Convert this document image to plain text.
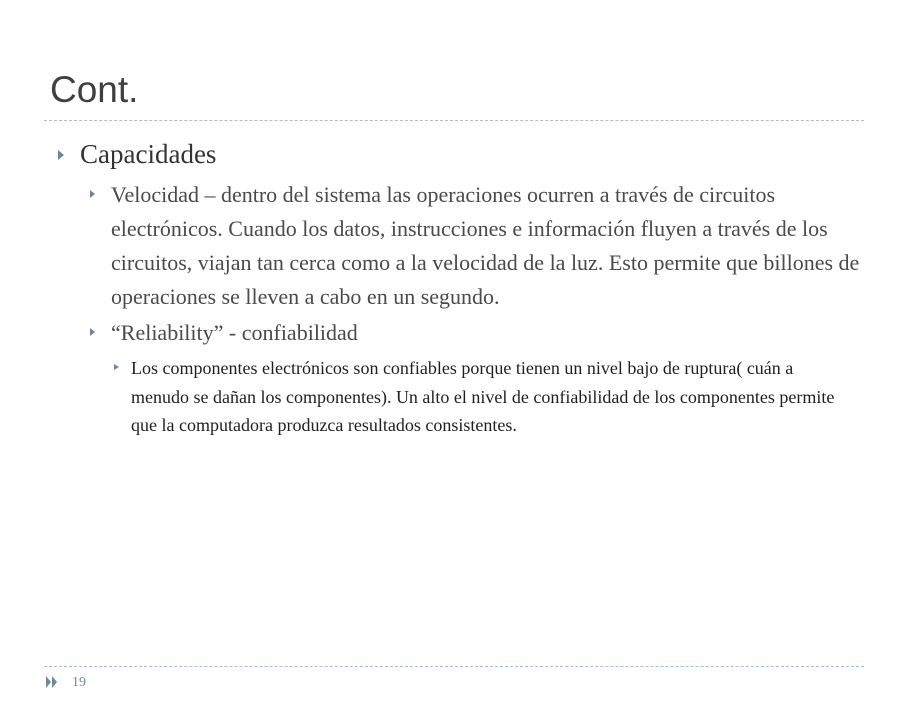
Cont.
Capacidades
Velocidad – dentro del sistema las operaciones ocurren a través de circuitos electrónicos. Cuando los datos, instrucciones e información fluyen a través de los circuitos, viajan tan cerca como a la velocidad de la luz. Esto permite que billones de operaciones se lleven a cabo en un segundo.
“Reliability” - confiabilidad
Los componentes electrónicos son confiables porque tienen un nivel bajo de ruptura( cuán a menudo se dañan los componentes). Un alto el nivel de confiabilidad de los componentes permite que la computadora produzca resultados consistentes.
19
